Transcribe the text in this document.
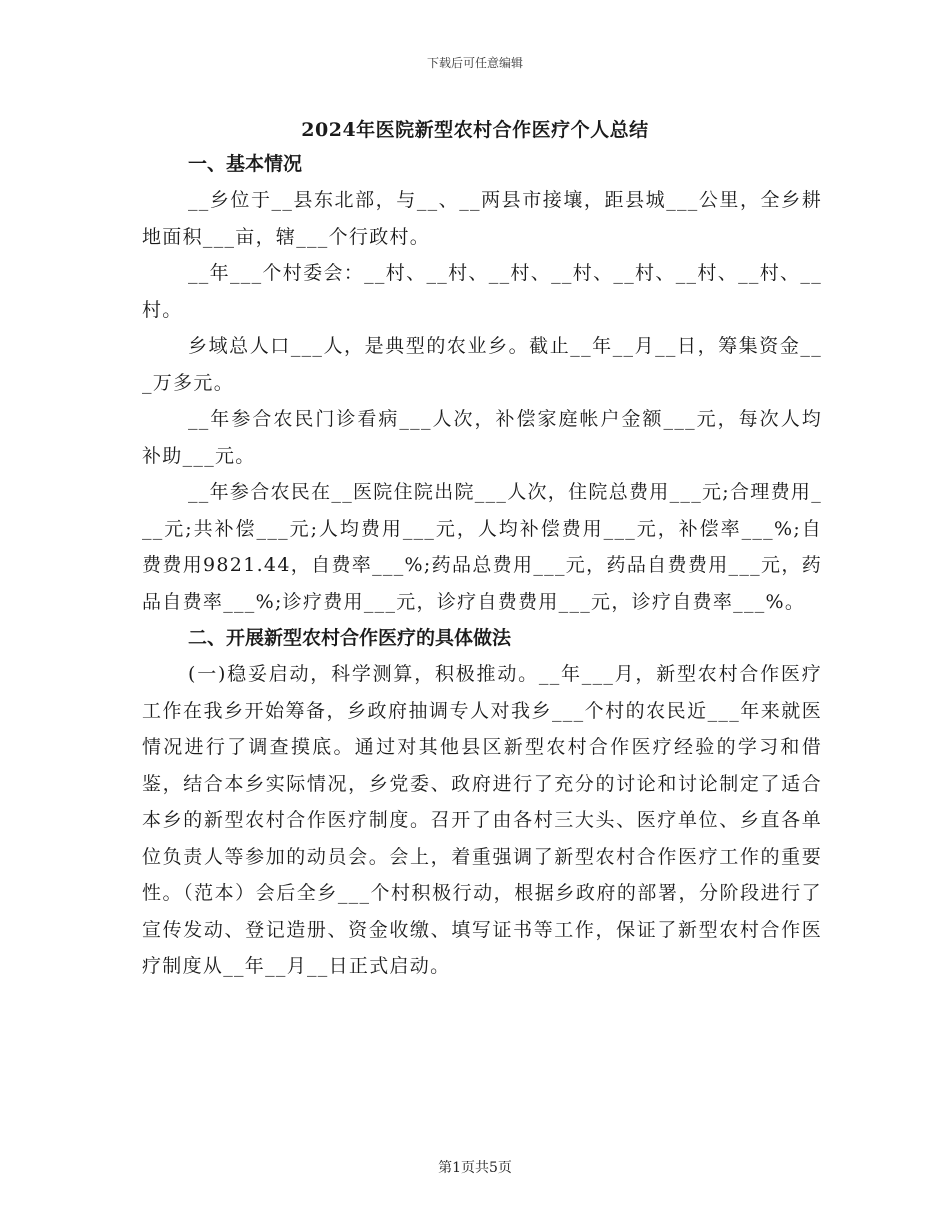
下载后可任意编辑
2024年医院新型农村合作医疗个人总结

一、基本情况

__乡位于__县东北部，与__、__两县市接壤，距县城___公里，全乡耕地面积___亩，辖___个行政村。

__年___个村委会：__村、__村、__村、__村、__村、__村、__村、__村。

乡域总人口___人，是典型的农业乡。截止__年__月__日，筹集资金___万多元。

__年参合农民门诊看病___人次，补偿家庭帐户金额___元，每次人均补助___元。

__年参合农民在__医院住院出院___人次，住院总费用___元;合理费用___元;共补偿___元;人均费用___元，人均补偿费用___元，补偿率___%;自费费用9821.44，自费率___%;药品总费用___元，药品自费费用___元，药品自费率___%;诊疗费用___元，诊疗自费费用___元，诊疗自费率___%。

二、开展新型农村合作医疗的具体做法

(一)稳妥启动，科学测算，积极推动。__年___月，新型农村合作医疗工作在我乡开始筹备，乡政府抽调专人对我乡___个村的农民近___年来就医情况进行了调查摸底。通过对其他县区新型农村合作医疗经验的学习和借鉴，结合本乡实际情况，乡党委、政府进行了充分的讨论和讨论制定了适合本乡的新型农村合作医疗制度。召开了由各村三大头、医疗单位、乡直各单位负责人等参加的动员会。会上，着重强调了新型农村合作医疗工作的重要性。（范本）会后全乡___个村积极行动，根据乡政府的部署，分阶段进行了宣传发动、登记造册、资金收缴、填写证书等工作，保证了新型农村合作医疗制度从__年__月__日正式启动。

第1页共5页
